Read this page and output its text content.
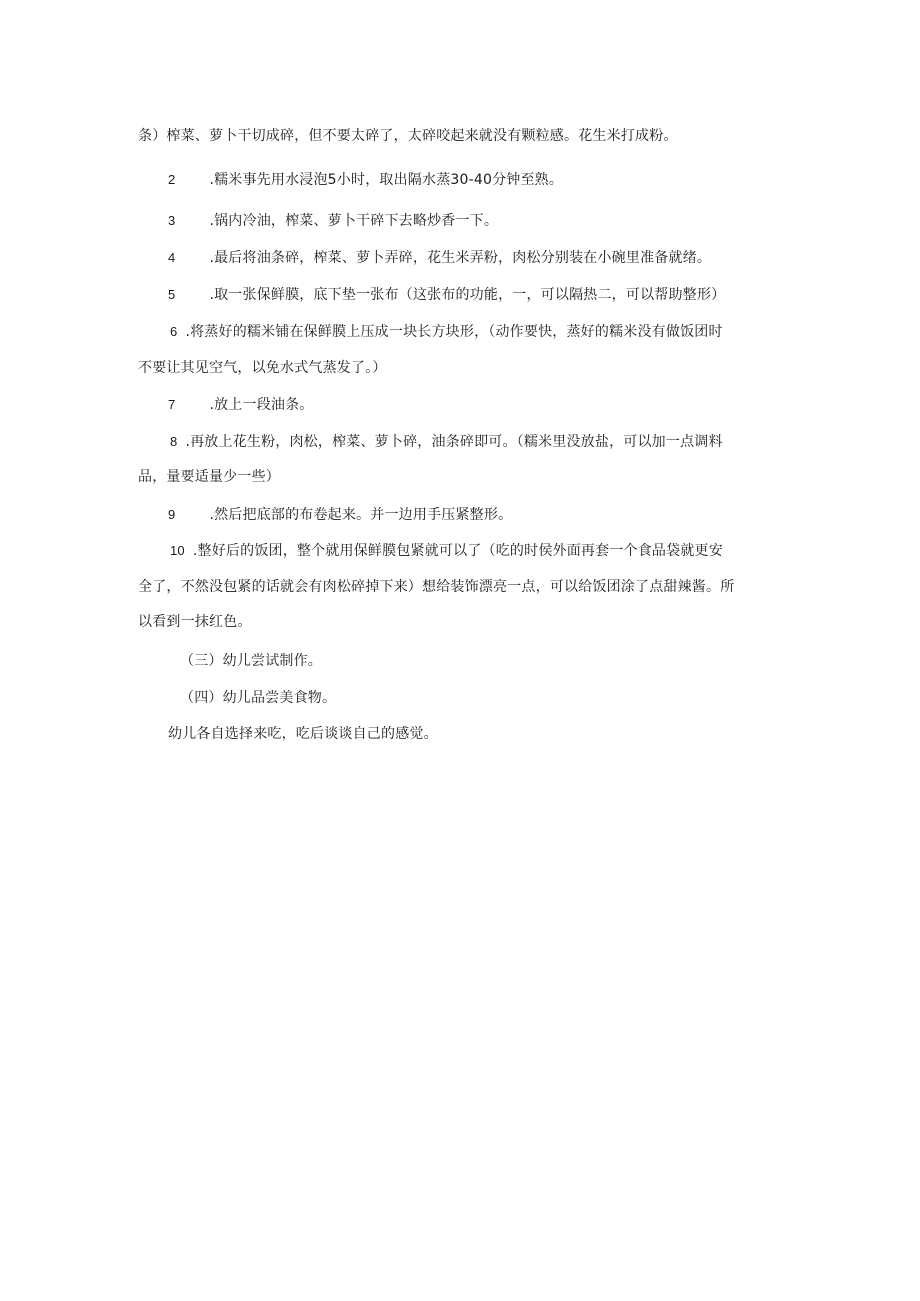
条）榨菜、萝卜干切成碎，但不要太碎了，太碎咬起来就没有颗粒感。花生米打成粉。
2 .糯米事先用水浸泡5小时，取出隔水蒸30-40分钟至熟。
3 .锅内冷油，榨菜、萝卜干碎下去略炒香一下。
4 .最后将油条碎，榨菜、萝卜弄碎，花生米弄粉，肉松分别装在小碗里准备就绪。
5 .取一张保鲜膜，底下垫一张布（这张布的功能，一，可以隔热二，可以帮助整形）
6 .将蒸好的糯米铺在保鲜膜上压成一块长方块形，（动作要快，蒸好的糯米没有做饭团时
不要让其见空气，以免水式气蒸发了。）
7 .放上一段油条。
8 .再放上花生粉，肉松，榨菜、萝卜碎，油条碎即可。（糯米里没放盐，可以加一点调料
品，量要适量少一些）
9 .然后把底部的布卷起来。并一边用手压紧整形。
10 .整好后的饭团，整个就用保鲜膜包紧就可以了（吃的时侯外面再套一个食品袋就更安
全了，不然没包紧的话就会有肉松碎掉下来）想给装饰漂亮一点，可以给饭团涂了点甜辣酱。所
以看到一抹红色。
（三）幼儿尝试制作。
（四）幼儿品尝美食物。
幼儿各自选择来吃，吃后谈谈自己的感觉。
